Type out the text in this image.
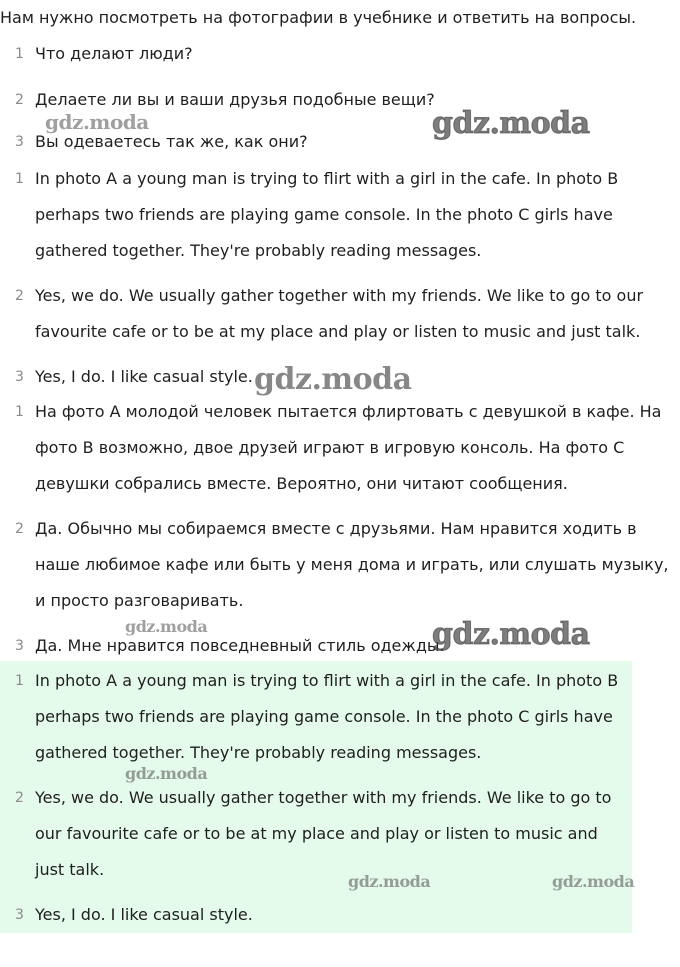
Нам нужно посмотреть на фотографии в учебнике и ответить на вопросы.
1 Что делают люди?
2 Делаете ли вы и ваши друзья подобные вещи?
3 Вы одеваетесь так же, как они?
1 In photo A a young man is trying to flirt with a girl in the cafe. In photo B perhaps two friends are playing game console. In the photo C girls have gathered together. They're probably reading messages.
2 Yes, we do. We usually gather together with my friends. We like to go to our favourite cafe or to be at my place and play or listen to music and just talk.
3 Yes, I do. I like casual style.
1 На фото A молодой человек пытается флиртовать с девушкой в кафе. На фото B возможно, двое друзей играют в игровую консоль. На фото C девушки собрались вместе. Вероятно, они читают сообщения.
2 Да. Обычно мы собираемся вместе с друзьями. Нам нравится ходить в наше любимое кафе или быть у меня дома и играть, или слушать музыку, и просто разговаривать.
3 Да. Мне нравится повседневный стиль одежды.
1 In photo A a young man is trying to flirt with a girl in the cafe. In photo B perhaps two friends are playing game console. In the photo C girls have gathered together. They're probably reading messages.
2 Yes, we do. We usually gather together with my friends. We like to go to our favourite cafe or to be at my place and play or listen to music and just talk.
3 Yes, I do. I like casual style.
gdz.moda	gdz.moda
gdz.moda
gdz.moda	gdz.moda
gdz.moda
gdz.moda	gdz.moda
